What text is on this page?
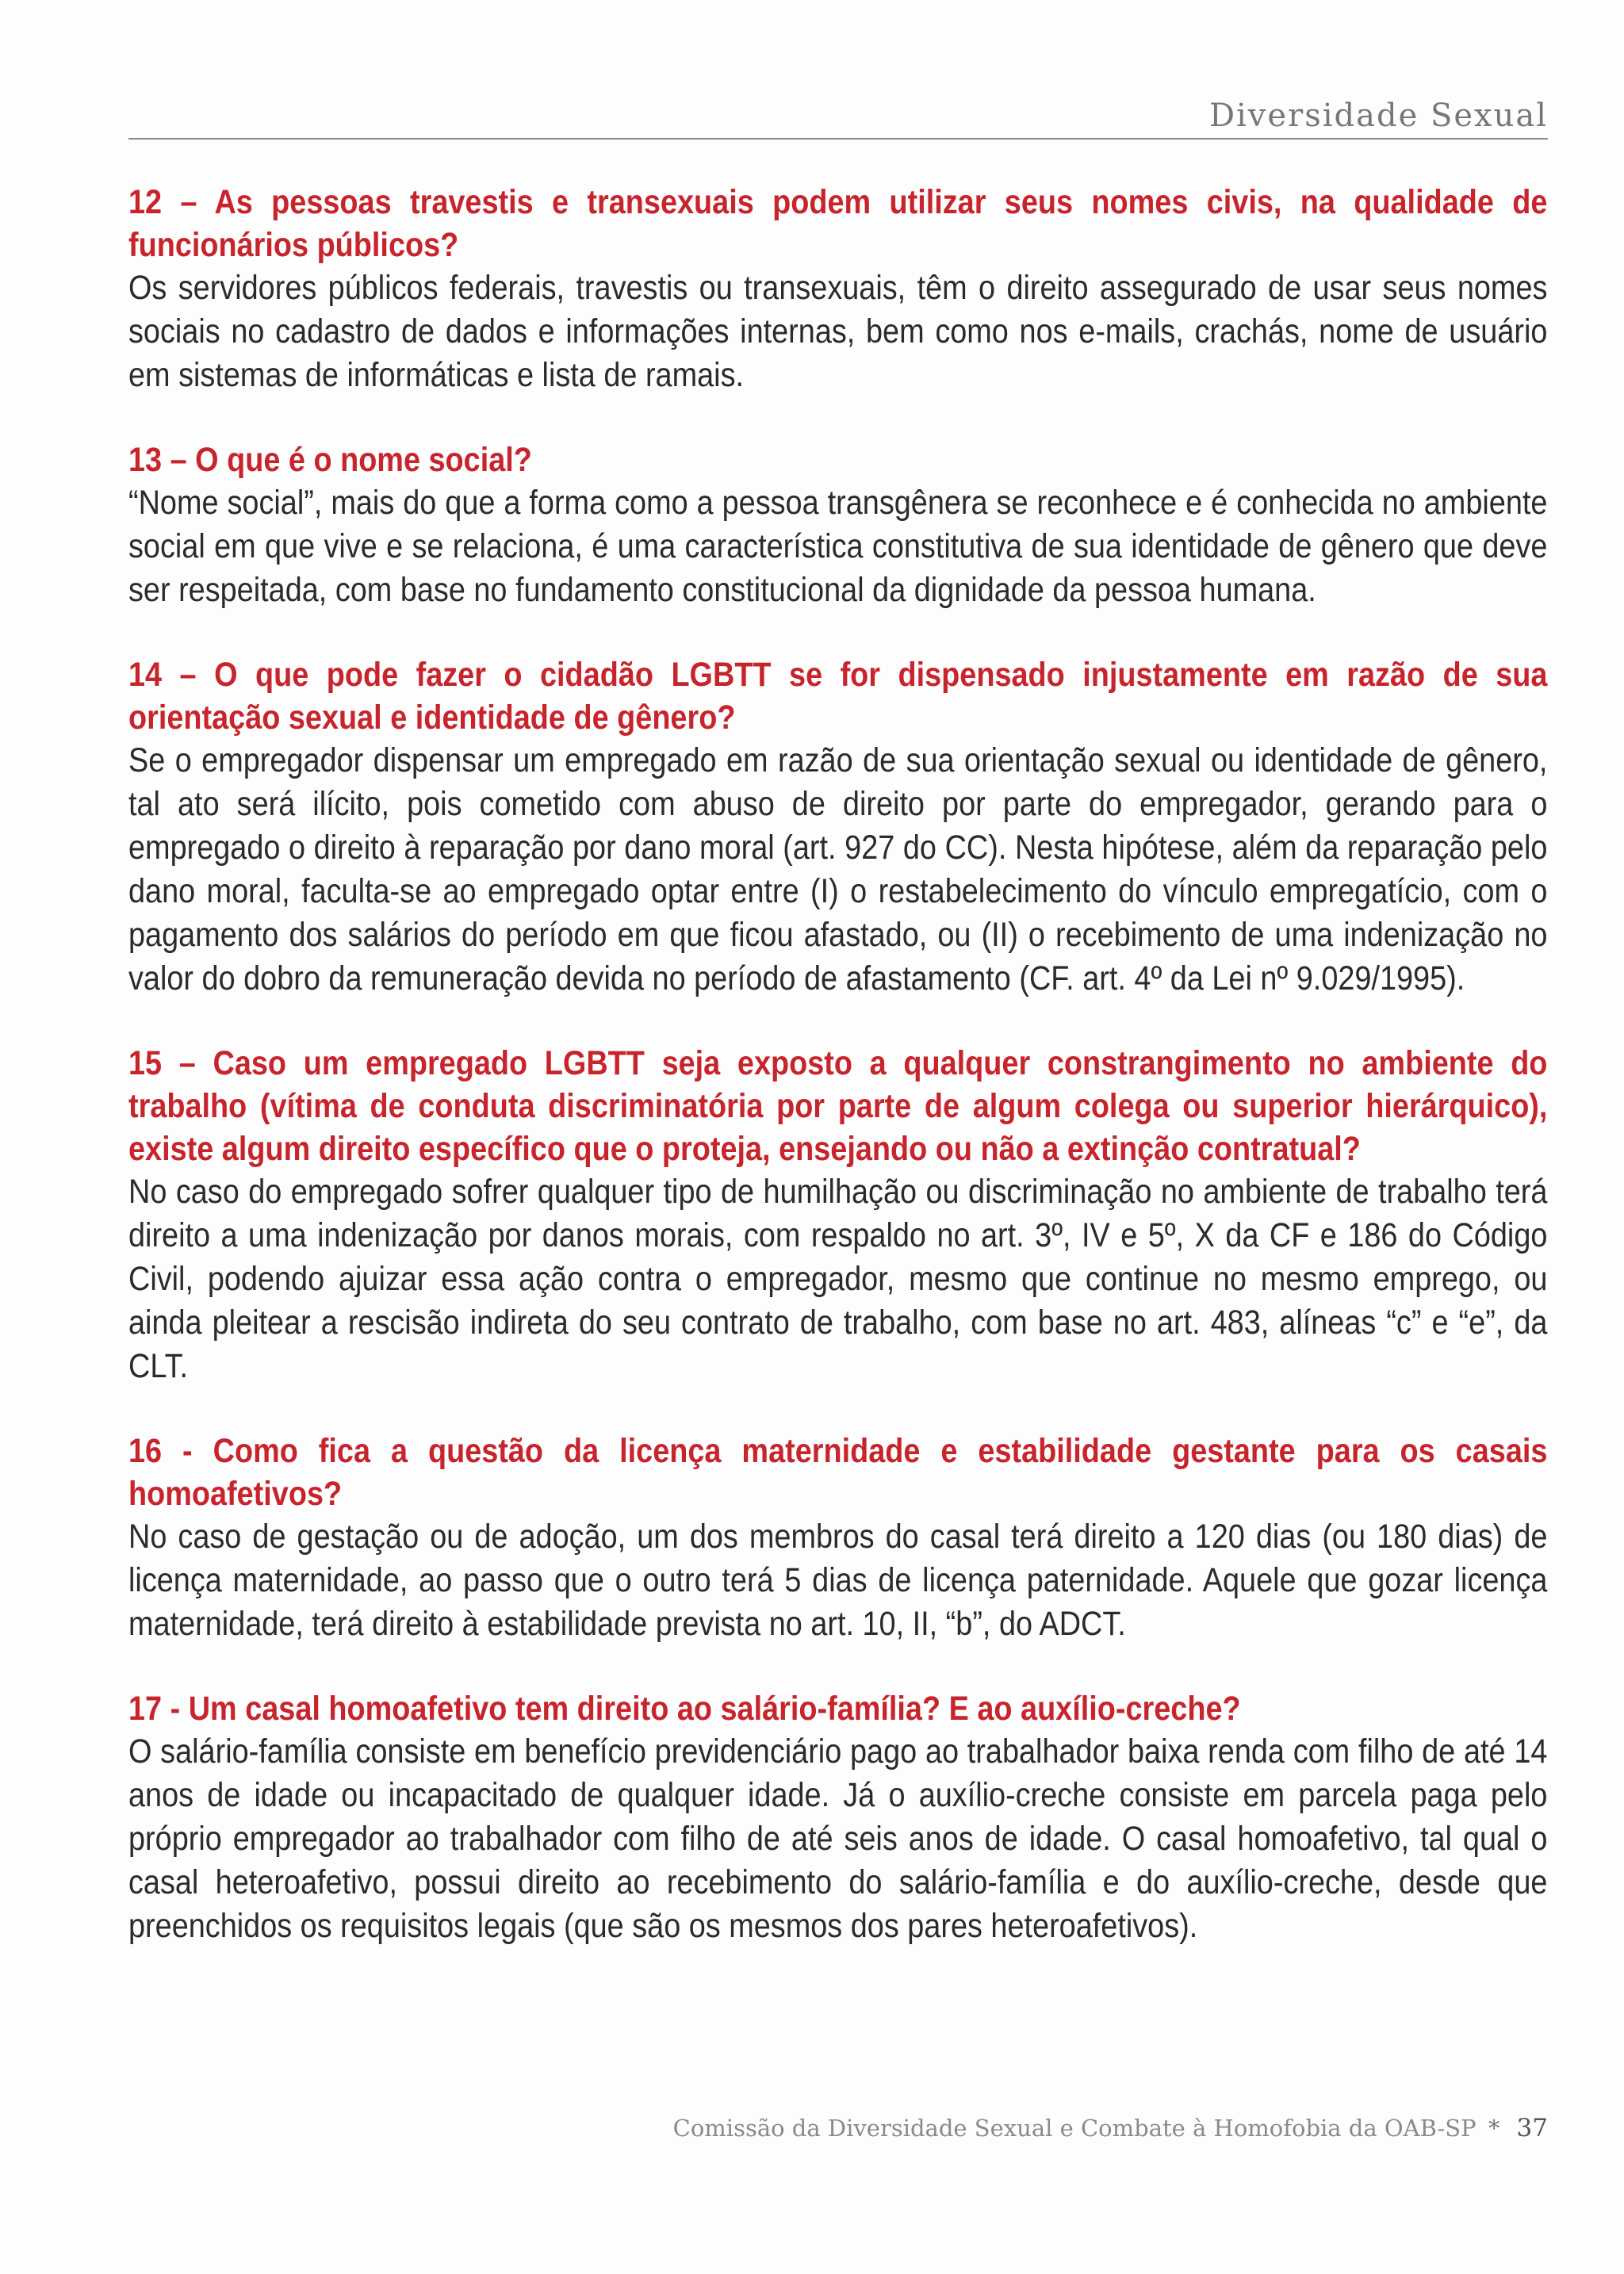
Diversidade Sexual

12 – As pessoas travestis e transexuais podem utilizar seus nomes civis, na qualidade de funcionários públicos?

Os servidores públicos federais, travestis ou transexuais, têm o direito assegurado de usar seus nomes sociais no cadastro de dados e informações internas, bem como nos e-mails, crachás, nome de usuário em sistemas de informáticas e lista de ramais.

13 – O que é o nome social?

“Nome social”, mais do que a forma como a pessoa transgênera se reconhece e é conhecida no ambiente social em que vive e se relaciona, é uma característica constitutiva de sua identidade de gênero que deve ser respeitada, com base no fundamento constitucional da dignidade da pessoa humana.

14 – O que pode fazer o cidadão LGBTT se for dispensado injustamente em razão de sua orientação sexual e identidade de gênero?

Se o empregador dispensar um empregado em razão de sua orientação sexual ou identidade de gênero, tal ato será ilícito, pois cometido com abuso de direito por parte do empregador, gerando para o empregado o direito à reparação por dano moral (art. 927 do CC). Nesta hipótese, além da reparação pelo dano moral, faculta-se ao empregado optar entre (I) o restabelecimento do vínculo empregatício, com o pagamento dos salários do período em que ficou afastado, ou (II) o recebimento de uma indenização no valor do dobro da remuneração devida no período de afastamento (CF. art. 4º da Lei nº 9.029/1995).

15 – Caso um empregado LGBTT seja exposto a qualquer constrangimento no ambiente do trabalho (vítima de conduta discriminatória por parte de algum colega ou superior hierárquico), existe algum direito específico que o proteja, ensejando ou não a extinção contratual?

No caso do empregado sofrer qualquer tipo de humilhação ou discriminação no ambiente de trabalho terá direito a uma indenização por danos morais, com respaldo no art. 3º, IV e 5º, X da CF e 186 do Código Civil, podendo ajuizar essa ação contra o empregador, mesmo que continue no mesmo emprego, ou ainda pleitear a rescisão indireta do seu contrato de trabalho, com base no art. 483, alíneas “c” e “e”, da CLT.

16 - Como fica a questão da licença maternidade e estabilidade gestante para os casais homoafetivos?

No caso de gestação ou de adoção, um dos membros do casal terá direito a 120 dias (ou 180 dias) de licença maternidade, ao passo que o outro terá 5 dias de licença paternidade. Aquele que gozar licença maternidade, terá direito à estabilidade prevista no art. 10, II, “b”, do ADCT.

17 - Um casal homoafetivo tem direito ao salário-família? E ao auxílio-creche?

O salário-família consiste em benefício previdenciário pago ao trabalhador baixa renda com filho de até 14 anos de idade ou incapacitado de qualquer idade. Já o auxílio-creche consiste em parcela paga pelo próprio empregador ao trabalhador com filho de até seis anos de idade. O casal homoafetivo, tal qual o casal heteroafetivo, possui direito ao recebimento do salário-família e do auxílio-creche, desde que preenchidos os requisitos legais (que são os mesmos dos pares heteroafetivos).

Comissão da Diversidade Sexual e Combate à Homofobia da OAB-SP * 37
